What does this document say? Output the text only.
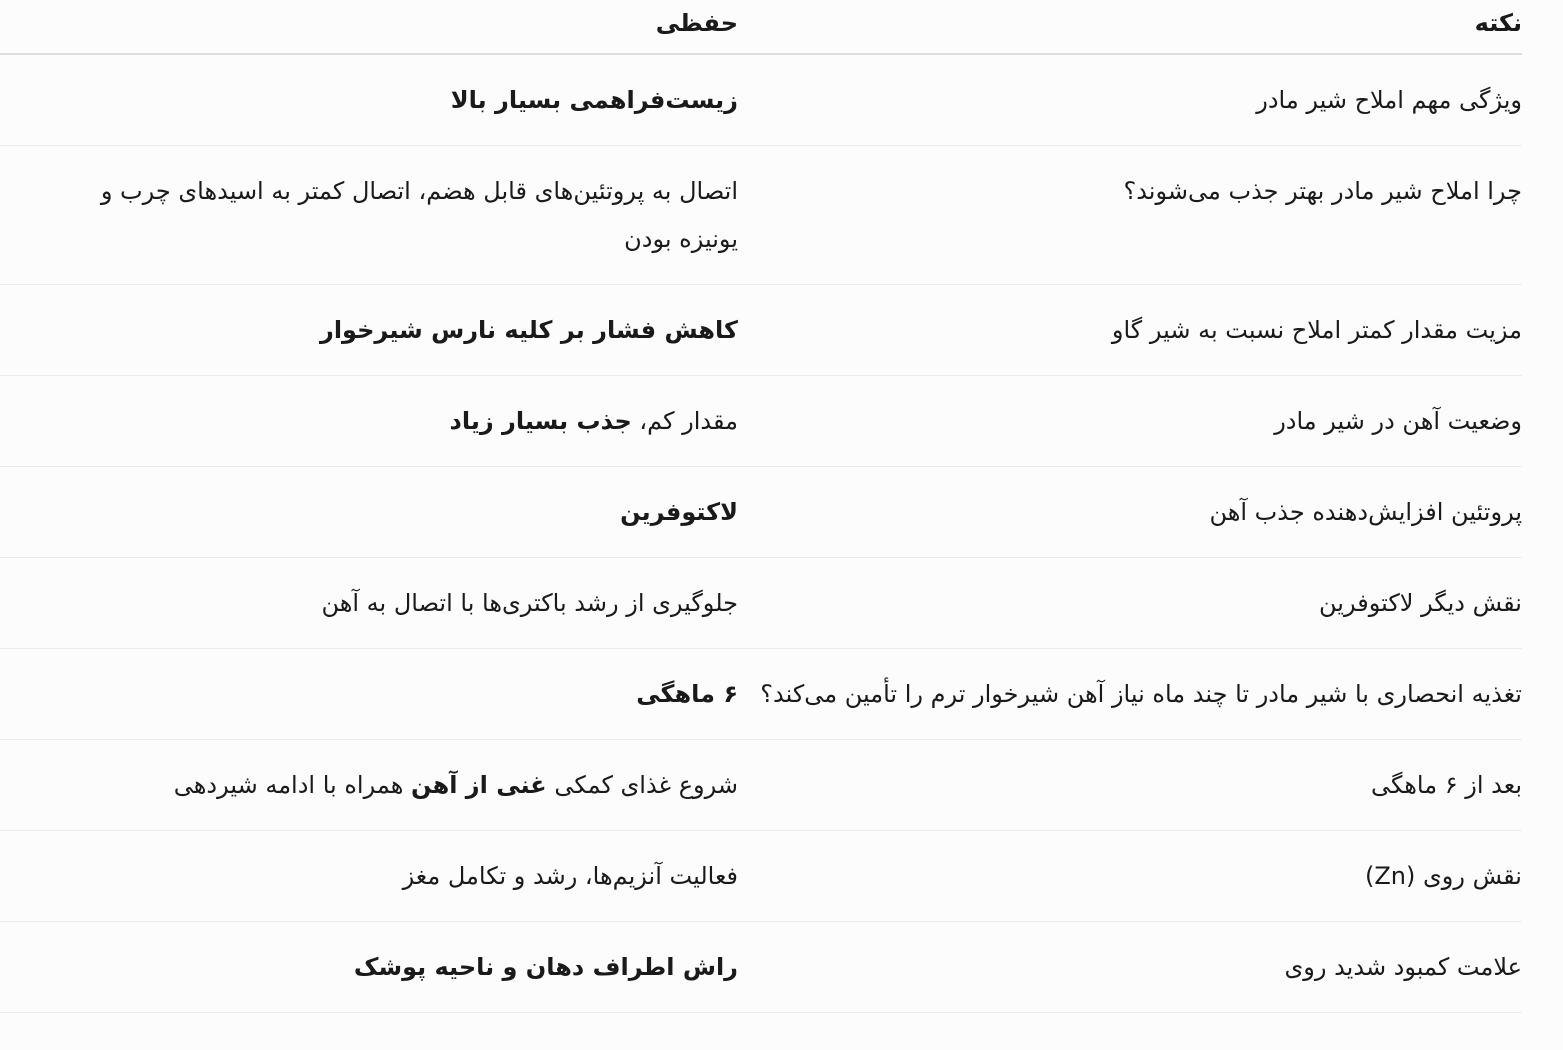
نکته	حفظی
ویژگی مهم املاح شیر مادر	زیست‌فراهمی بسیار بالا
چرا املاح شیر مادر بهتر جذب می‌شوند؟	اتصال به پروتئین‌های قابل هضم، اتصال کمتر به اسیدهای چرب و یونیزه بودن
مزیت مقدار کمتر املاح نسبت به شیر گاو	کاهش فشار بر کلیه نارس شیرخوار
وضعیت آهن در شیر مادر	مقدار کم، جذب بسیار زیاد
پروتئین افزایش‌دهنده جذب آهن	لاکتوفرین
نقش دیگر لاکتوفرین	جلوگیری از رشد باکتری‌ها با اتصال به آهن
تغذیه انحصاری با شیر مادر تا چند ماه نیاز آهن شیرخوار ترم را تأمین می‌کند؟	۶ ماهگی
بعد از ۶ ماهگی	شروع غذای کمکی غنی از آهن همراه با ادامه شیردهی
نقش روی (Zn)	فعالیت آنزیم‌ها، رشد و تکامل مغز
علامت کمبود شدید روی	راش اطراف دهان و ناحیه پوشک
